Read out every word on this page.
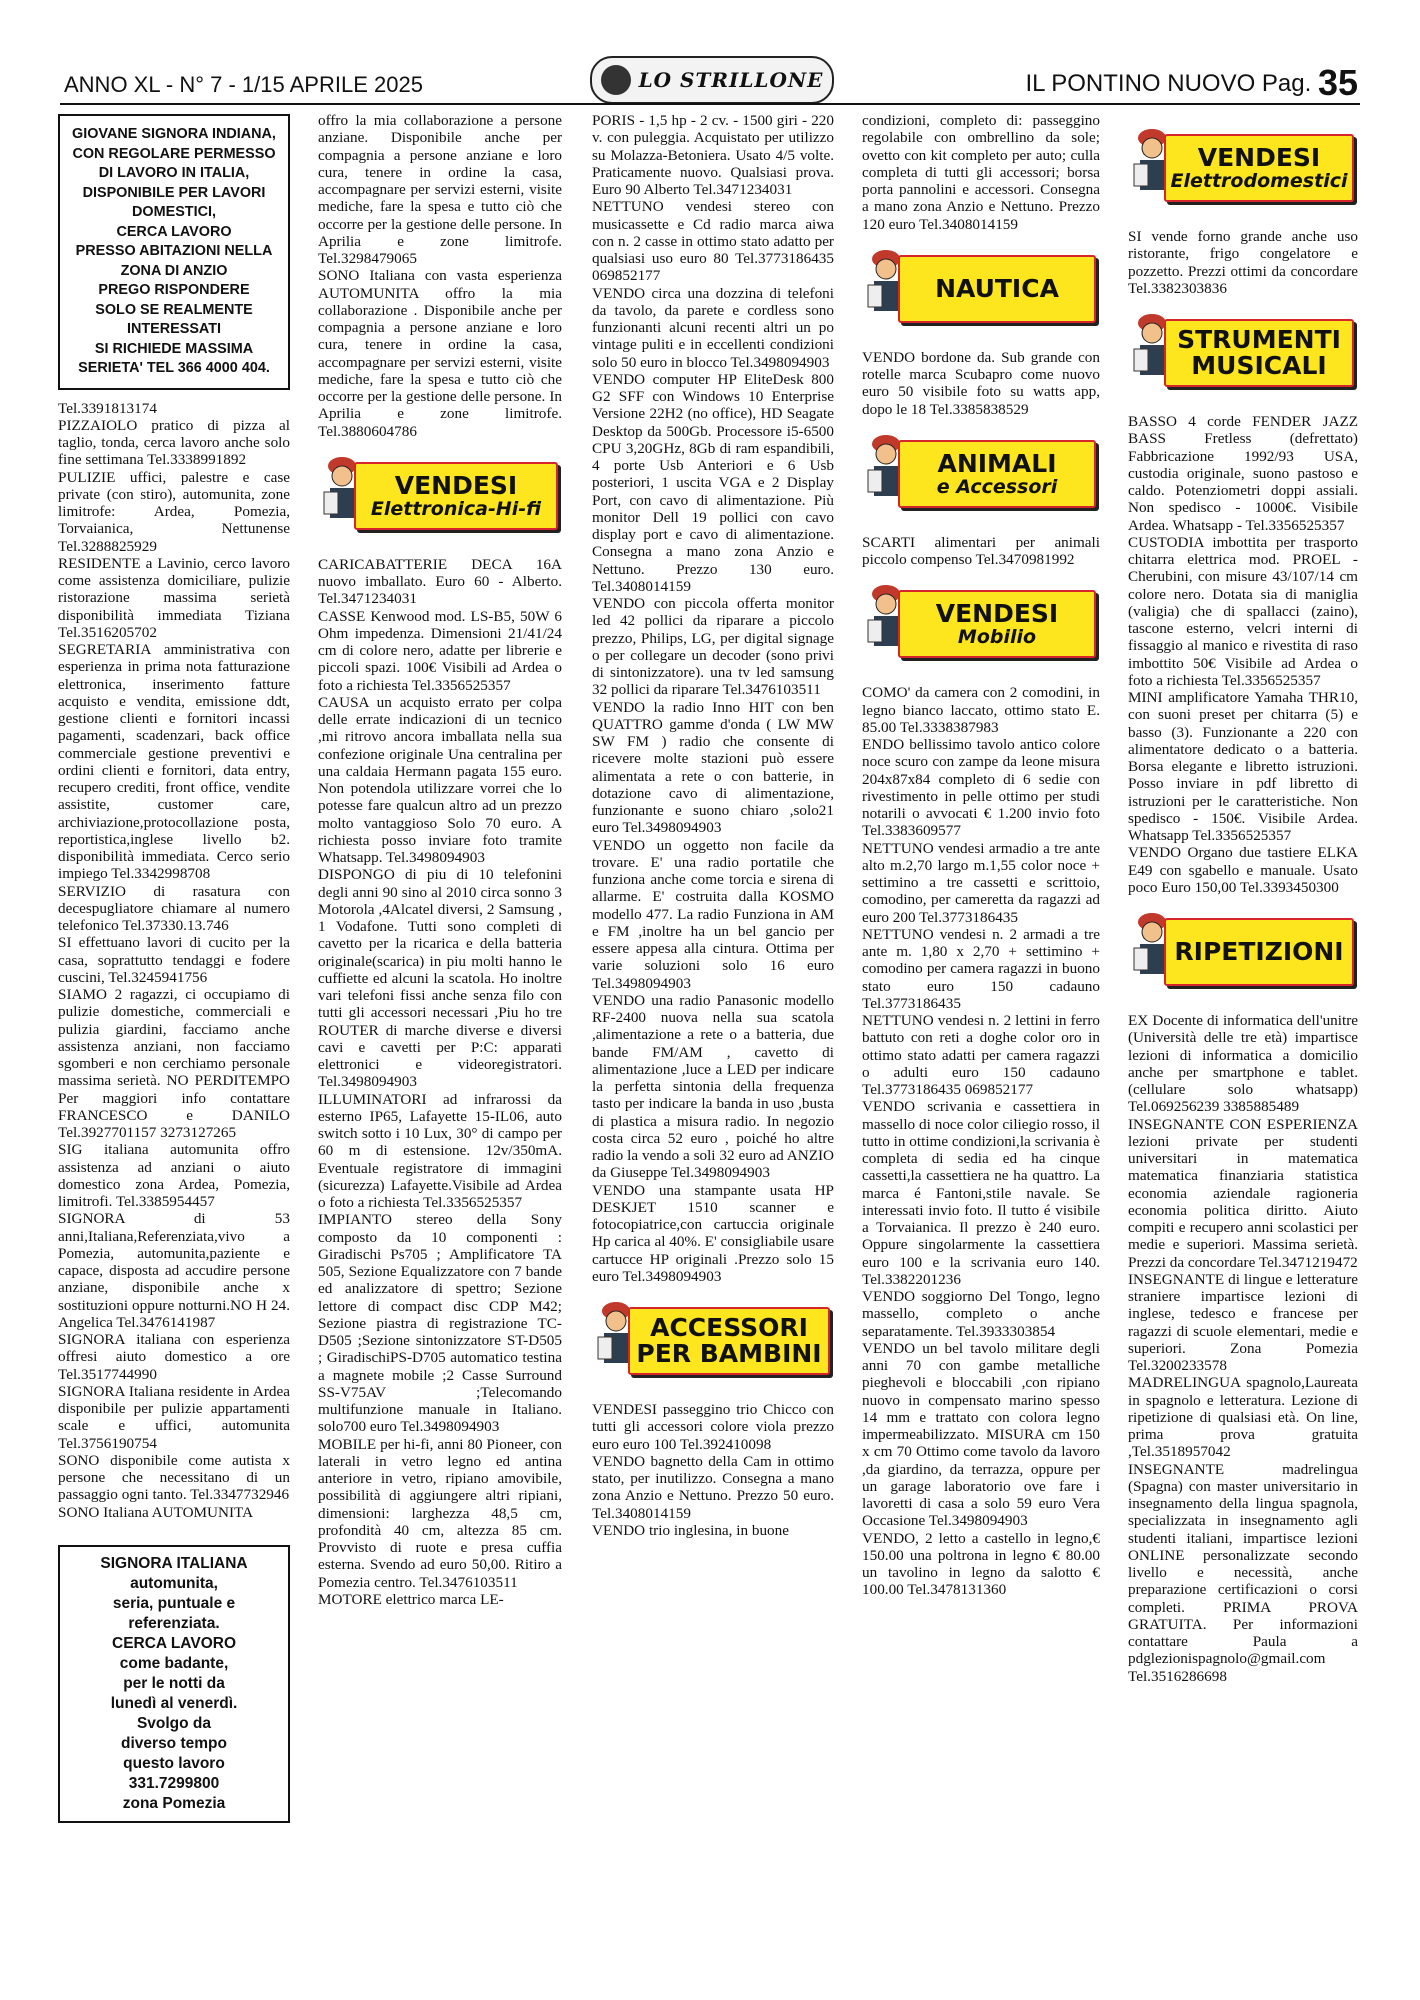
ANNO XL - N° 7 - 1/15 APRILE 2025	LO STRILLONE	IL PONTINO NUOVO Pag. 35

GIOVANE SIGNORA INDIANA,

CON REGOLARE PERMESSO

DI LAVORO IN ITALIA,

DISPONIBILE PER LAVORI

DOMESTICI,

CERCA LAVORO

PRESSO ABITAZIONI NELLA

ZONA DI ANZIO

PREGO RISPONDERE

SOLO SE REALMENTE

INTERESSATI

SI RICHIEDE MASSIMA

SERIETA' TEL 366 4000 404.

Tel.3391813174

PIZZAIOLO pratico di pizza al taglio, tonda, cerca lavoro anche solo fine settimana Tel.3338991892

PULIZIE uffici, palestre e case private (con stiro), automunita, zone limitrofe: Ardea, Pomezia, Torvaianica, Nettunense Tel.3288825929

RESIDENTE a Lavinio, cerco lavoro come assistenza domiciliare, pulizie ristorazione massima serietà disponibilità immediata Tiziana Tel.3516205702

SEGRETARIA amministrativa con esperienza in prima nota fatturazione elettronica, inserimento fatture acquisto e vendita, emissione ddt, gestione clienti e fornitori incassi pagamenti, scadenzari, back office commerciale gestione preventivi e ordini clienti e fornitori, data entry, recupero crediti, front office, vendite assistite, customer care, archiviazione,protocollazione posta, reportistica,inglese livello b2. disponibilità immediata. Cerco serio impiego Tel.3342998708

SERVIZIO di rasatura con decespugliatore chiamare al numero telefonico Tel.37330.13.746

SI effettuano lavori di cucito per la casa, soprattutto tendaggi e fodere cuscini, Tel.3245941756

SIAMO 2 ragazzi, ci occupiamo di pulizie domestiche, commerciali e pulizia giardini, facciamo anche assistenza anziani, non facciamo sgomberi e non cerchiamo personale massima serietà. NO PERDITEMPO Per maggiori info contattare FRANCESCO e DANILO Tel.3927701157 3273127265

SIG italiana automunita offro assistenza ad anziani o aiuto domestico zona Ardea, Pomezia, limitrofi. Tel.3385954457

SIGNORA di 53 anni,Italiana,Referenziata,vivo a Pomezia, automunita,paziente e capace, disposta ad accudire persone anziane, disponibile anche x sostituzioni oppure notturni.NO H 24. Angelica Tel.3476141987

SIGNORA italiana con esperienza offresi aiuto domestico a ore Tel.3517744990

SIGNORA Italiana residente in Ardea disponibile per pulizie appartamenti scale e uffici, automunita Tel.3756190754

SONO disponibile come autista x persone che necessitano di un passaggio ogni tanto. Tel.3347732946

SONO Italiana AUTOMUNITA

SIGNORA ITALIANA

automunita,

seria, puntuale e

referenziata.

CERCA LAVORO

come badante,

per le notti da

lunedì al venerdì.

Svolgo da

diverso tempo

questo lavoro

331.7299800

zona Pomezia

offro la mia collaborazione a persone anziane. Disponibile anche per compagnia a persone anziane e loro cura, tenere in ordine la casa, accompagnare per servizi esterni, visite mediche, fare la spesa e tutto ciò che occorre per la gestione delle persone. In Aprilia e zone limitrofe. Tel.3298479065

SONO Italiana con vasta esperienza AUTOMUNITA offro la mia collaborazione . Disponibile anche per compagnia a persone anziane e loro cura, tenere in ordine la casa, accompagnare per servizi esterni, visite mediche, fare la spesa e tutto ciò che occorre per la gestione delle persone. In Aprilia e zone limitrofe. Tel.3880604786

VENDESI
Elettronica-Hi-fi

CARICABATTERIE DECA 16A nuovo imballato. Euro 60 - Alberto. Tel.3471234031

CASSE Kenwood mod. LS-B5, 50W 6 Ohm impedenza. Dimensioni 21/41/24 cm di colore nero, adatte per librerie e piccoli spazi. 100€ Visibili ad Ardea o foto a richiesta Tel.3356525357

CAUSA un acquisto errato per colpa delle errate indicazioni di un tecnico ,mi ritrovo ancora imballata nella sua confezione originale Una centralina per una caldaia Hermann pagata 155 euro. Non potendola utilizzare vorrei che lo potesse fare qualcun altro ad un prezzo molto vantaggioso Solo 70 euro. A richiesta posso inviare foto tramite Whatsapp. Tel.3498094903

DISPONGO di piu di 10 telefonini degli anni 90 sino al 2010 circa sonno 3 Motorola ,4Alcatel diversi, 2 Samsung , 1 Vodafone. Tutti sono completi di cavetto per la ricarica e della batteria originale(scarica) in piu molti hanno le cuffiette ed alcuni la scatola. Ho inoltre vari telefoni fissi anche senza filo con tutti gli accessori necessari ,Piu ho tre ROUTER di marche diverse e diversi cavi e cavetti per P:C: apparati elettronici e videoregistratori. Tel.3498094903

ILLUMINATORI ad infrarossi da esterno IP65, Lafayette 15-IL06, auto switch sotto i 10 Lux, 30° di campo per 60 m di estensione. 12v/350mA. Eventuale registratore di immagini (sicurezza) Lafayette.Visibile ad Ardea o foto a richiesta Tel.3356525357

IMPIANTO stereo della Sony composto da 10 componenti : Giradischi Ps705 ; Amplificatore TA 505, Sezione Equalizzatore con 7 bande ed analizzatore di spettro; Sezione lettore di compact disc CDP M42; Sezione piastra di registrazione TC-D505 ;Sezione sintonizzatore ST-D505 ; GiradischiPS-D705 automatico testina a magnete mobile ;2 Casse Surround SS-V75AV ;Telecomando multifunzione manuale in Italiano. solo700 euro Tel.3498094903

MOBILE per hi-fi, anni 80 Pioneer, con laterali in vetro legno ed antina anteriore in vetro, ripiano amovibile, possibilità di aggiungere altri ripiani, dimensioni: larghezza 48,5 cm, profondità 40 cm, altezza 85 cm. Provvisto di ruote e presa cuffia esterna. Svendo ad euro 50,00. Ritiro a Pomezia centro. Tel.3476103511

MOTORE elettrico marca LE-

PORIS - 1,5 hp - 2 cv. - 1500 giri - 220 v. con puleggia. Acquistato per utilizzo su Molazza-Betoniera. Usato 4/5 volte. Praticamente nuovo. Qualsiasi prova. Euro 90 Alberto Tel.3471234031

NETTUNO vendesi stereo con musicassette e Cd radio marca aiwa con n. 2 casse in ottimo stato adatto per qualsiasi uso euro 80 Tel.3773186435 069852177

VENDO circa una dozzina di telefoni da tavolo, da parete e cordless sono funzionanti alcuni recenti altri un po vintage puliti e in eccellenti condizioni solo 50 euro in blocco Tel.3498094903

VENDO computer HP EliteDesk 800 G2 SFF con Windows 10 Enterprise Versione 22H2 (no office), HD Seagate Desktop da 500Gb. Processore i5-6500 CPU 3,20GHz, 8Gb di ram espandibili, 4 porte Usb Anteriori e 6 Usb posteriori, 1 uscita VGA e 2 Display Port, con cavo di alimentazione. Più monitor Dell 19 pollici con cavo display port e cavo di alimentazione. Consegna a mano zona Anzio e Nettuno. Prezzo 130 euro. Tel.3408014159

VENDO con piccola offerta monitor led 42 pollici da riparare a piccolo prezzo, Philips, LG, per digital signage o per collegare un decoder (sono privi di sintonizzatore). una tv led samsung 32 pollici da riparare Tel.3476103511

VENDO la radio Inno HIT con ben QUATTRO gamme d'onda ( LW MW SW FM ) radio che consente di ricevere molte stazioni può essere alimentata a rete o con batterie, in dotazione cavo di alimentazione, funzionante e suono chiaro ,solo21 euro Tel.3498094903

VENDO un oggetto non facile da trovare. E' una radio portatile che funziona anche come torcia e sirena di allarme. E' costruita dalla KOSMO modello 477. La radio Funziona in AM e FM ,inoltre ha un bel gancio per essere appesa alla cintura. Ottima per varie soluzioni solo 16 euro Tel.3498094903

VENDO una radio Panasonic modello RF-2400 nuova nella sua scatola ,alimentazione a rete o a batteria, due bande FM/AM , cavetto di alimentazione ,luce a LED per indicare la perfetta sintonia della frequenza tasto per indicare la banda in uso ,busta di plastica a misura radio. In negozio costa circa 52 euro , poiché ho altre radio la vendo a soli 32 euro ad ANZIO da Giuseppe Tel.3498094903

VENDO una stampante usata HP DESKJET 1510 scanner e fotocopiatrice,con cartuccia originale Hp carica al 40%. E' consigliabile usare cartucce HP originali .Prezzo solo 15 euro Tel.3498094903

ACCESSORI
PER BAMBINI

VENDESI passeggino trio Chicco con tutti gli accessori colore viola prezzo euro euro 100 Tel.392410098

VENDO bagnetto della Cam in ottimo stato, per inutilizzo. Consegna a mano zona Anzio e Nettuno. Prezzo 50 euro. Tel.3408014159

VENDO trio inglesina, in buone

condizioni, completo di: passeggino regolabile con ombrellino da sole; ovetto con kit completo per auto; culla completa di tutti gli accessori; borsa porta pannolini e accessori. Consegna a mano zona Anzio e Nettuno. Prezzo 120 euro Tel.3408014159

NAUTICA

VENDO bordone da. Sub grande con rotelle marca Scubapro come nuovo euro 50 visibile foto su watts app, dopo le 18 Tel.3385838529

ANIMALI
e Accessori

SCARTI alimentari per animali piccolo compenso Tel.3470981992

VENDESI
Mobilio

COMO' da camera con 2 comodini, in legno bianco laccato, ottimo stato E. 85.00 Tel.3338387983

ENDO bellissimo tavolo antico colore noce scuro con zampe da leone misura 204x87x84 completo di 6 sedie con rivestimento in pelle ottimo per studi notarili o avvocati € 1.200 invio foto Tel.3383609577

NETTUNO vendesi armadio a tre ante alto m.2,70 largo m.1,55 color noce + settimino a tre cassetti e scrittoio, comodino, per cameretta da ragazzi ad euro 200 Tel.3773186435

NETTUNO vendesi n. 2 armadi a tre ante m. 1,80 x 2,70 + settimino + comodino per camera ragazzi in buono stato euro 150 cadauno Tel.3773186435

NETTUNO vendesi n. 2 lettini in ferro battuto con reti a doghe color oro in ottimo stato adatti per camera ragazzi o adulti euro 150 cadauno Tel.3773186435 069852177

VENDO scrivania e cassettiera in massello di noce color ciliegio rosso, il tutto in ottime condizioni,la scrivania è completa di sedia ed ha cinque cassetti,la cassettiera ne ha quattro. La marca é Fantoni,stile navale. Se interessati invio foto. Il tutto é visibile a Torvaianica. Il prezzo è 240 euro. Oppure singolarmente la cassettiera euro 100 e la scrivania euro 140. Tel.3382201236

VENDO soggiorno Del Tongo, legno massello, completo o anche separatamente. Tel.3933303854

VENDO un bel tavolo militare degli anni 70 con gambe metalliche pieghevoli e bloccabili ,con ripiano nuovo in compensato marino spesso 14 mm e trattato con colora legno impermeabilizzato. MISURA cm 150 x cm 70 Ottimo come tavolo da lavoro ,da giardino, da terrazza, oppure per un garage laboratorio ove fare i lavoretti di casa a solo 59 euro Vera Occasione Tel.3498094903

VENDO, 2 letto a castello in legno,€ 150.00 una poltrona in legno € 80.00 un tavolino in legno da salotto € 100.00 Tel.3478131360

VENDESI
Elettrodomestici

SI vende forno grande anche uso ristorante, frigo congelatore e pozzetto. Prezzi ottimi da concordare Tel.3382303836

STRUMENTI
MUSICALI

BASSO 4 corde FENDER JAZZ BASS Fretless (defrettato) Fabbricazione 1992/93 USA, custodia originale, suono pastoso e caldo. Potenziometri doppi assiali. Non spedisco - 1000€. Visibile Ardea. Whatsapp - Tel.3356525357

CUSTODIA imbottita per trasporto chitarra elettrica mod. PROEL - Cherubini, con misure 43/107/14 cm colore nero. Dotata sia di maniglia (valigia) che di spallacci (zaino), tascone esterno, velcri interni di fissaggio al manico e rivestita di raso imbottito 50€ Visibile ad Ardea o foto a richiesta Tel.3356525357

MINI amplificatore Yamaha THR10, con suoni preset per chitarra (5) e basso (3). Funzionante a 220 con alimentatore dedicato o a batteria. Borsa elegante e libretto istruzioni. Posso inviare in pdf libretto di istruzioni per le caratteristiche. Non spedisco - 150€. Visibile Ardea. Whatsapp Tel.3356525357

VENDO Organo due tastiere ELKA E49 con sgabello e manuale. Usato poco Euro 150,00 Tel.3393450300

RIPETIZIONI

EX Docente di informatica dell'unitre (Università delle tre età) impartisce lezioni di informatica a domicilio anche per smartphone e tablet. (cellulare solo whatsapp) Tel.069256239 3385885489

INSEGNANTE CON ESPERIENZA lezioni private per studenti universitari in matematica matematica finanziaria statistica economia aziendale ragioneria economia politica diritto. Aiuto compiti e recupero anni scolastici per medie e superiori. Massima serietà. Prezzi da concordare Tel.3471219472

INSEGNANTE di lingue e letterature straniere impartisce lezioni di inglese, tedesco e francese per ragazzi di scuole elementari, medie e superiori. Zona Pomezia Tel.3200233578

MADRELINGUA spagnolo,Laureata in spagnolo e letteratura. Lezione di ripetizione di qualsiasi età. On line, prima prova gratuita ,Tel.3518957042

INSEGNANTE madrelingua (Spagna) con master universitario in insegnamento della lingua spagnola, specializzata in insegnamento agli studenti italiani, impartisce lezioni ONLINE personalizzate secondo livello e necessità, anche preparazione certificazioni o corsi completi. PRIMA PROVA GRATUITA. Per informazioni contattare Paula a pdglezionispagnolo@gmail.com Tel.3516286698
